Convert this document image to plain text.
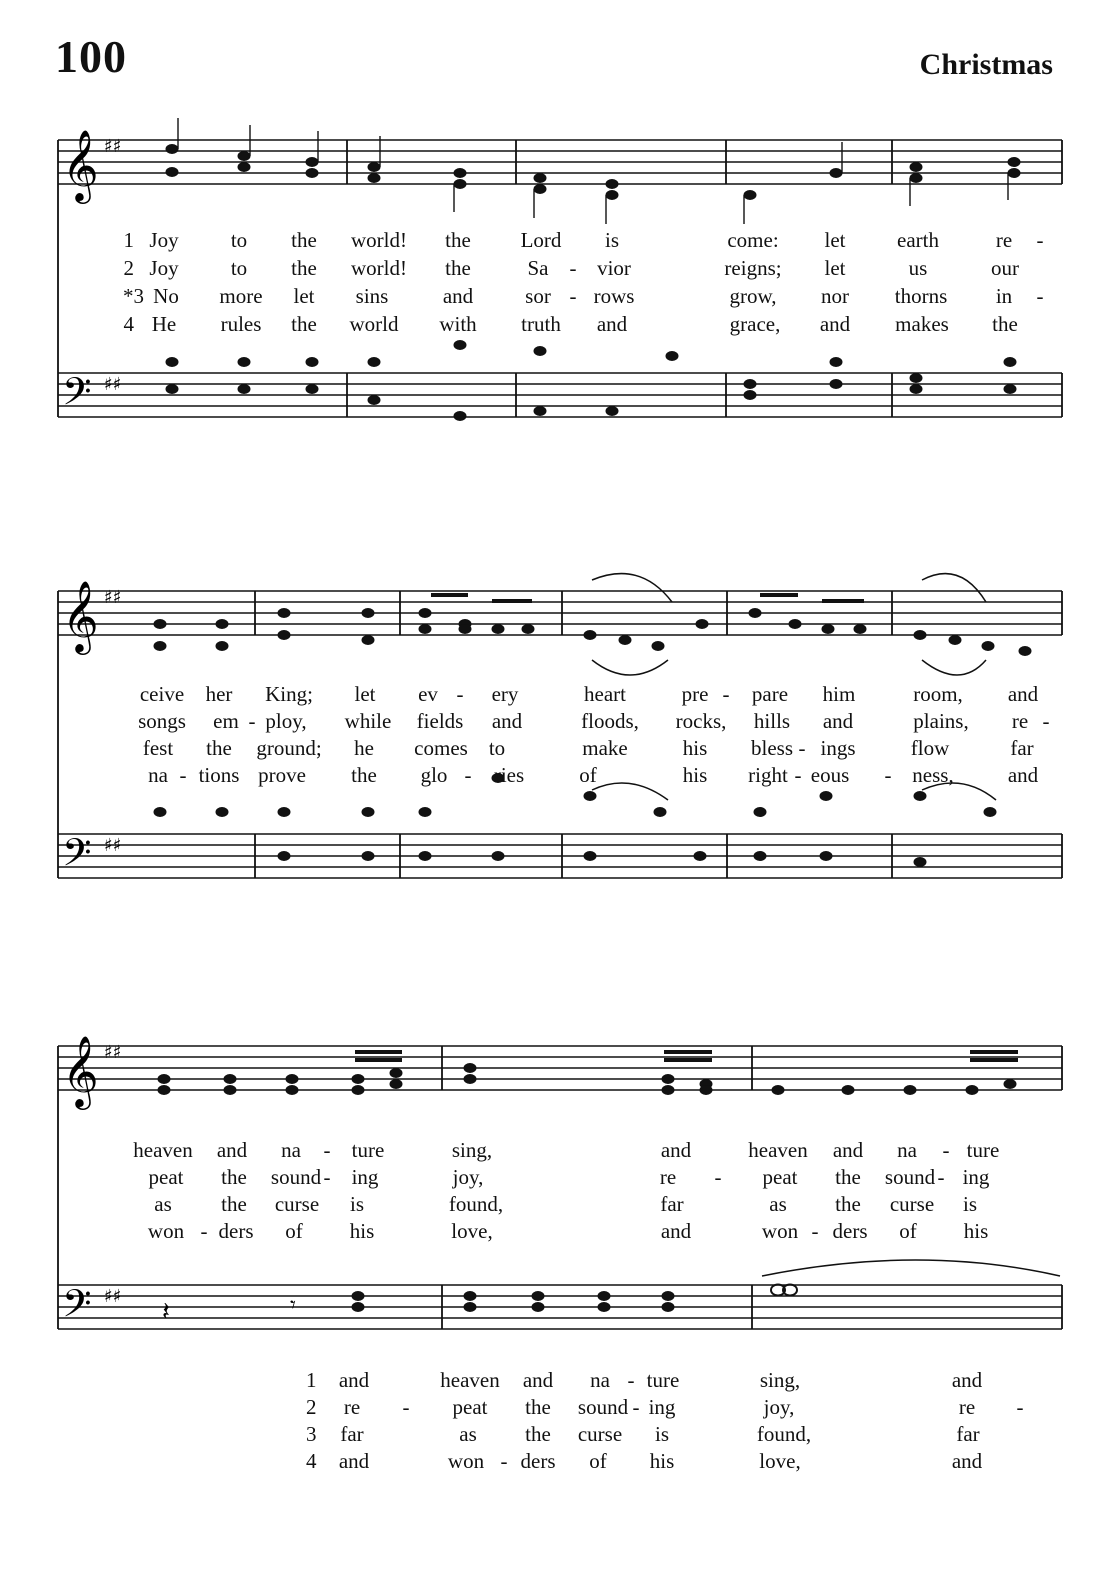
100	Christmas
𝄞
𝄢
♯♯
♯♯
1 Joy to the world! the Lord is	come: let earth	re -
2 Joy to the world! the	Sa - vior	reigns; let	us	our
*3 No more let sins	and sor - rows	grow, nor thorns in -
4 He rules the world with truth and	grace, and makes the
𝄞
𝄢
♯♯
♯♯
ceive her King; let ev - ery	heart	pre - pare him	room, and
songs em - ploy, while fields and	floods, rocks, hills and	plains, re -
fest the ground; he comes to	make	his bless - ings	flow	far
na - tions prove the glo - ries	of	his right - eous - ness,	and
𝄞
𝄢
♯♯
♯♯
𝄽	𝄾
heaven and na - ture	sing,	and	heaven and na - ture
peat the sound - ing	joy,	re - peat the sound - ing
as the curse is	found,	far	as the curse is
won - ders of his	love,	and	won - ders of his
1 and	heaven and na - ture	sing,	and
2 re - peat the sound - ing	joy,	re -
3 far	as the curse is	found,	far
4 and	won - ders of his	love,	and
